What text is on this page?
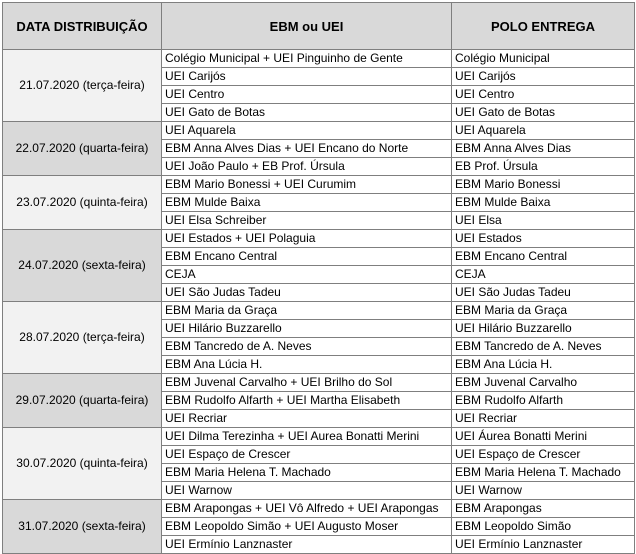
DATA DISTRIBUIÇÃO	EBM ou UEI	POLO ENTREGA
21.07.2020 (terça-feira)	Colégio Municipal + UEI Pinguinho de Gente	Colégio Municipal
	UEI Carijós	UEI Carijós
	UEI Centro	UEI Centro
	UEI Gato de Botas	UEI Gato de Botas
22.07.2020 (quarta-feira)	UEI Aquarela	UEI Aquarela
	EBM Anna Alves Dias + UEI Encano do Norte	EBM Anna Alves Dias
	UEI João Paulo + EB Prof. Úrsula	EB Prof. Úrsula
23.07.2020 (quinta-feira)	EBM Mario Bonessi + UEI Curumim	EBM Mario Bonessi
	EBM Mulde Baixa	EBM Mulde Baixa
	UEI Elsa Schreiber	UEI Elsa
24.07.2020 (sexta-feira)	UEI Estados + UEI Polaguia	UEI Estados
	EBM Encano Central	EBM Encano Central
	CEJA	CEJA
	UEI São Judas Tadeu	UEI São Judas Tadeu
28.07.2020 (terça-feira)	EBM Maria da Graça	EBM Maria da Graça
	UEI Hilário Buzzarello	UEI Hilário Buzzarello
	EBM Tancredo de A. Neves	EBM Tancredo de A. Neves
	EBM Ana Lúcia H.	EBM Ana Lúcia H.
29.07.2020 (quarta-feira)	EBM Juvenal Carvalho + UEI Brilho do Sol	EBM Juvenal Carvalho
	EBM Rudolfo Alfarth + UEI Martha Elisabeth	EBM Rudolfo Alfarth
	UEI Recriar	UEI Recriar
30.07.2020 (quinta-feira)	UEI Dilma Terezinha + UEI Aurea Bonatti Merini	UEI Áurea Bonatti Merini
	UEI Espaço de Crescer	UEI Espaço de Crescer
	EBM Maria Helena T. Machado	EBM Maria Helena T. Machado
	UEI Warnow	UEI Warnow
31.07.2020 (sexta-feira)	EBM Arapongas + UEI Vô Alfredo + UEI Arapongas	EBM Arapongas
	EBM Leopoldo Simão + UEI Augusto Moser	EBM Leopoldo Simão
	UEI Ermínio Lanznaster	UEI Ermínio Lanznaster
